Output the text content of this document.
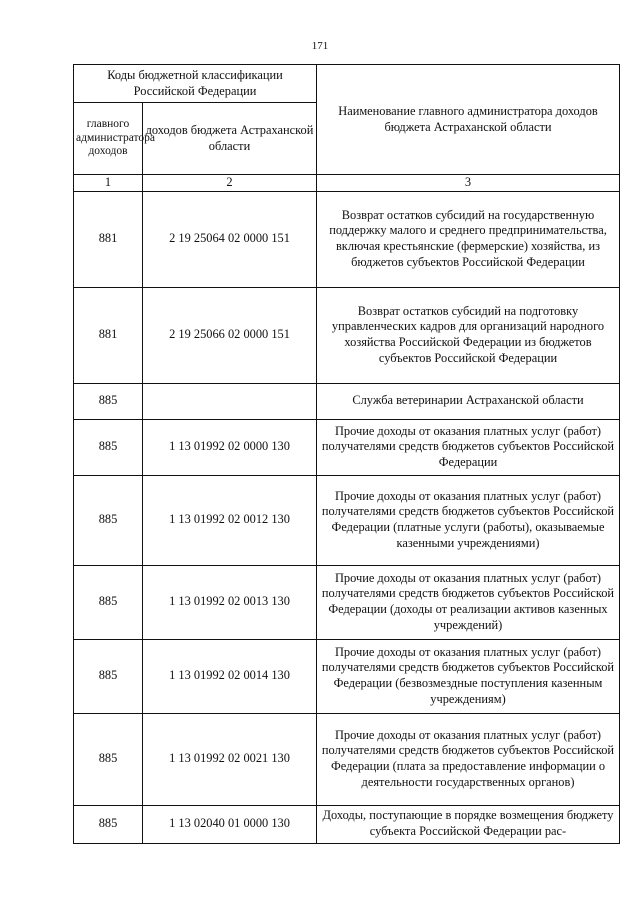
171
Коды бюджетной классификации Российской Федерации		Наименование главного администратора доходов бюджета Астраханской области
главного администратора доходов	доходов бюджета Астраханской области	
1	2	3
881	2 19 25064 02 0000 151	Возврат остатков субсидий на государственную поддержку малого и среднего предпринимательства, включая крестьянские (фермерские) хозяйства, из бюджетов субъектов Российской Федерации
881	2 19 25066 02 0000 151	Возврат остатков субсидий на подготовку управленческих кадров для организаций народного хозяйства Российской Федерации из бюджетов субъектов Российской Федерации
885		Служба ветеринарии Астраханской области
885	1 13 01992 02 0000 130	Прочие доходы от оказания платных услуг (работ) получателями средств бюджетов субъектов Российской Федерации
885	1 13 01992 02 0012 130	Прочие доходы от оказания платных услуг (работ) получателями средств бюджетов субъектов Российской Федерации (платные услуги (работы), оказываемые казенными учреждениями)
885	1 13 01992 02 0013 130	Прочие доходы от оказания платных услуг (работ) получателями средств бюджетов субъектов Российской Федерации (доходы от реализации активов казенных учреждений)
885	1 13 01992 02 0014 130	Прочие доходы от оказания платных услуг (работ) получателями средств бюджетов субъектов Российской Федерации (безвозмездные поступления казенным учреждениям)
885	1 13 01992 02 0021 130	Прочие доходы от оказания платных услуг (работ) получателями средств бюджетов субъектов Российской Федерации (плата за предоставление информации о деятельности государственных органов)
885	1 13 02040 01 0000 130	Доходы, поступающие в порядке возмещения бюджету субъекта Российской Федерации рас-
